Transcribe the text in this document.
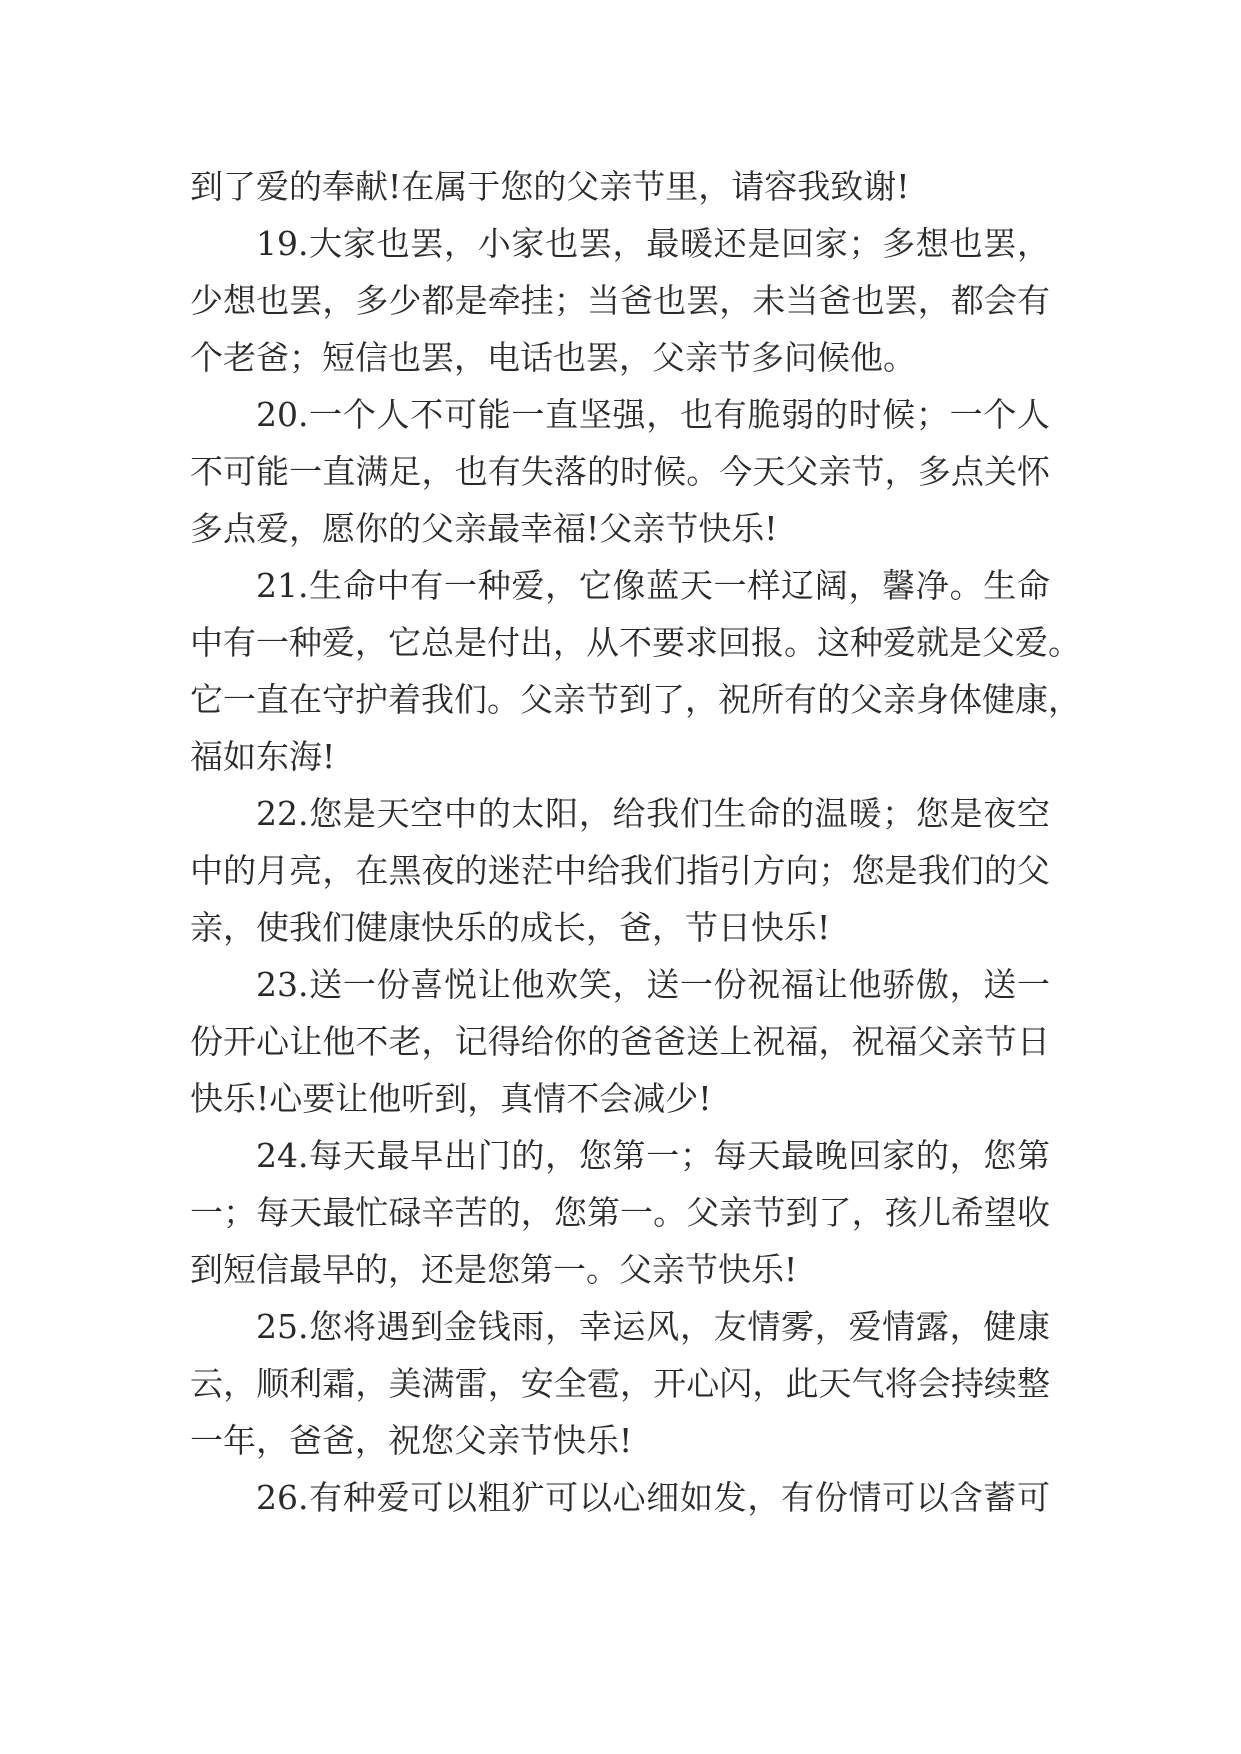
到了爱的奉献!在属于您的父亲节里，请容我致谢!
19.大家也罢，小家也罢，最暖还是回家；多想也罢，
少想也罢，多少都是牵挂；当爸也罢，未当爸也罢，都会有
个老爸；短信也罢，电话也罢，父亲节多问候他。
20.一个人不可能一直坚强，也有脆弱的时候；一个人
不可能一直满足，也有失落的时候。今天父亲节，多点关怀
多点爱，愿你的父亲最幸福!父亲节快乐!
21.生命中有一种爱，它像蓝天一样辽阔，馨净。生命
中有一种爱，它总是付出，从不要求回报。这种爱就是父爱。
它一直在守护着我们。父亲节到了，祝所有的父亲身体健康，
福如东海!
22.您是天空中的太阳，给我们生命的温暖；您是夜空
中的月亮，在黑夜的迷茫中给我们指引方向；您是我们的父
亲，使我们健康快乐的成长，爸，节日快乐!
23.送一份喜悦让他欢笑，送一份祝福让他骄傲，送一
份开心让他不老，记得给你的爸爸送上祝福，祝福父亲节日
快乐!心要让他听到，真情不会减少!
24.每天最早出门的，您第一；每天最晚回家的，您第
一；每天最忙碌辛苦的，您第一。父亲节到了，孩儿希望收
到短信最早的，还是您第一。父亲节快乐!
25.您将遇到金钱雨，幸运风，友情雾，爱情露，健康
云，顺利霜，美满雷，安全雹，开心闪，此天气将会持续整
一年，爸爸，祝您父亲节快乐!
26.有种爱可以粗犷可以心细如发，有份情可以含蓄可
